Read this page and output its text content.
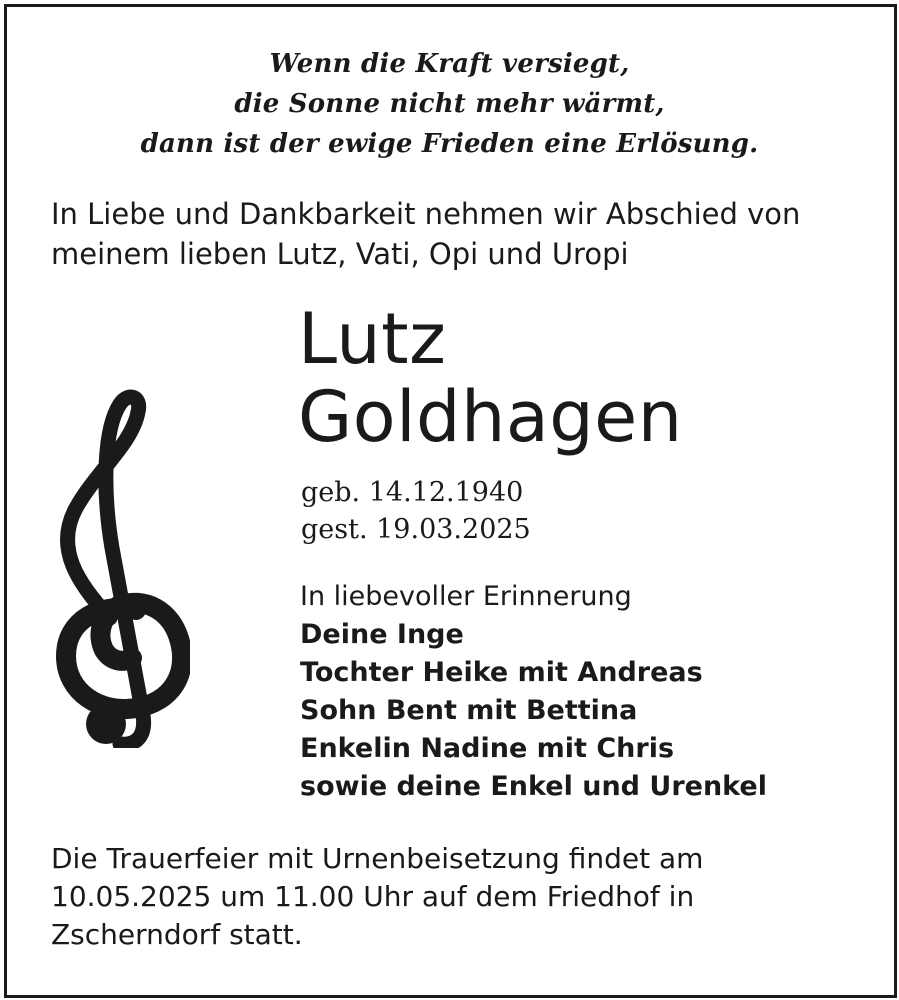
Wenn die Kraft versiegt,
die Sonne nicht mehr wärmt,
dann ist der ewige Frieden eine Erlösung.
In Liebe und Dankbarkeit nehmen wir Abschied von
meinem lieben Lutz, Vati, Opi und Uropi
Lutz
Goldhagen
geb. 14.12.1940
gest. 19.03.2025
In liebevoller Erinnerung
Deine Inge
Tochter Heike mit Andreas
Sohn Bent mit Bettina
Enkelin Nadine mit Chris
sowie deine Enkel und Urenkel
Die Trauerfeier mit Urnenbeisetzung findet am
10.05.2025 um 11.00 Uhr auf dem Friedhof in
Zscherndorf statt.
